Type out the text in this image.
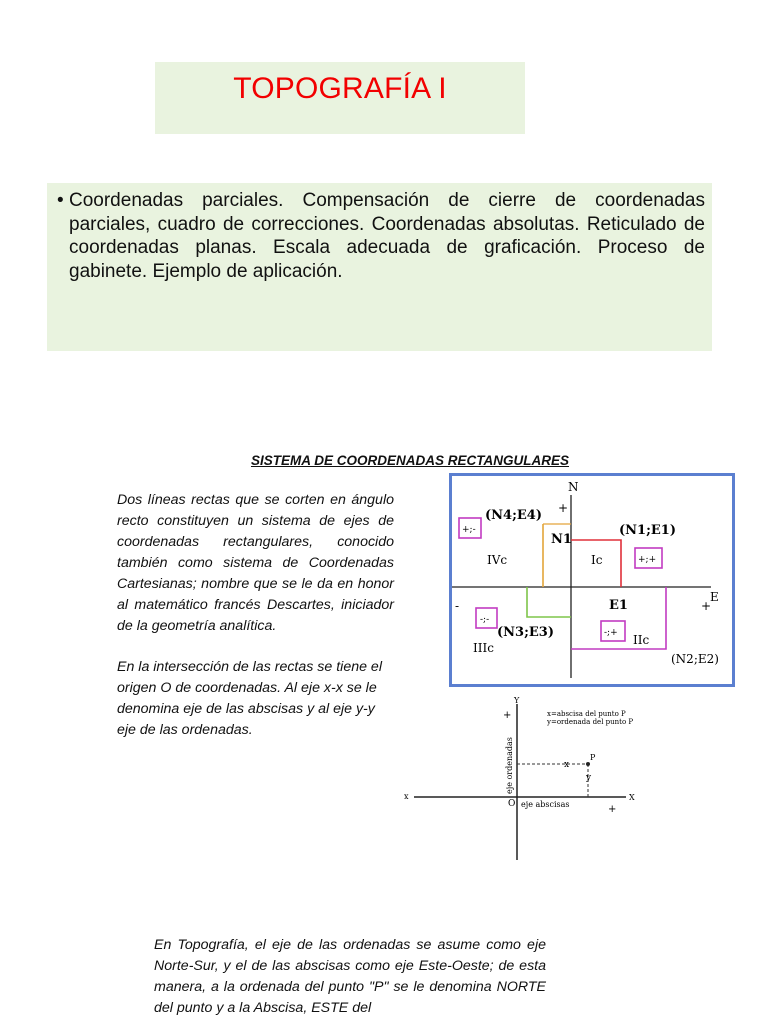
TOPOGRAFÍA I
• Coordenadas parciales. Compensación de cierre de coordenadas parciales, cuadro de correcciones. Coordenadas absolutas. Reticulado de coordenadas planas. Escala adecuada de graficación. Proceso de gabinete. Ejemplo de aplicación.
SISTEMA DE COORDENADAS RECTANGULARES
Dos líneas rectas que se corten en ángulo recto constituyen un sistema de ejes de coordenadas rectangulares, conocido también como sistema de Coordenadas Cartesianas; nombre que se le da en honor al matemático francés Descartes, iniciador de la geometría analítica.
En la intersección de las rectas se tiene el origen O de coordenadas. Al eje x-x se le denomina eje de las abscisas y al eje y-y eje de las ordenadas.
En Topografía, el eje de las ordenadas se asume como eje Norte-Sur, y el de las abscisas como eje Este-Oeste; de esta manera, a la ordenada del punto "P" se le denomina NORTE del punto y a la Abscisa, ESTE del
N
E
+
+
-
IVc	Ic
IIIc
IIc
+;-
+;+
-;-
-;+
(N4;E4)
(N1;E1)
(N3;E3)
(N2;E2)
N1
E1
Y
X
x
+
+
O eje abscisas
eje ordenadas
x=abscisa del punto P
y=ordenada del punto P
P
x
y
